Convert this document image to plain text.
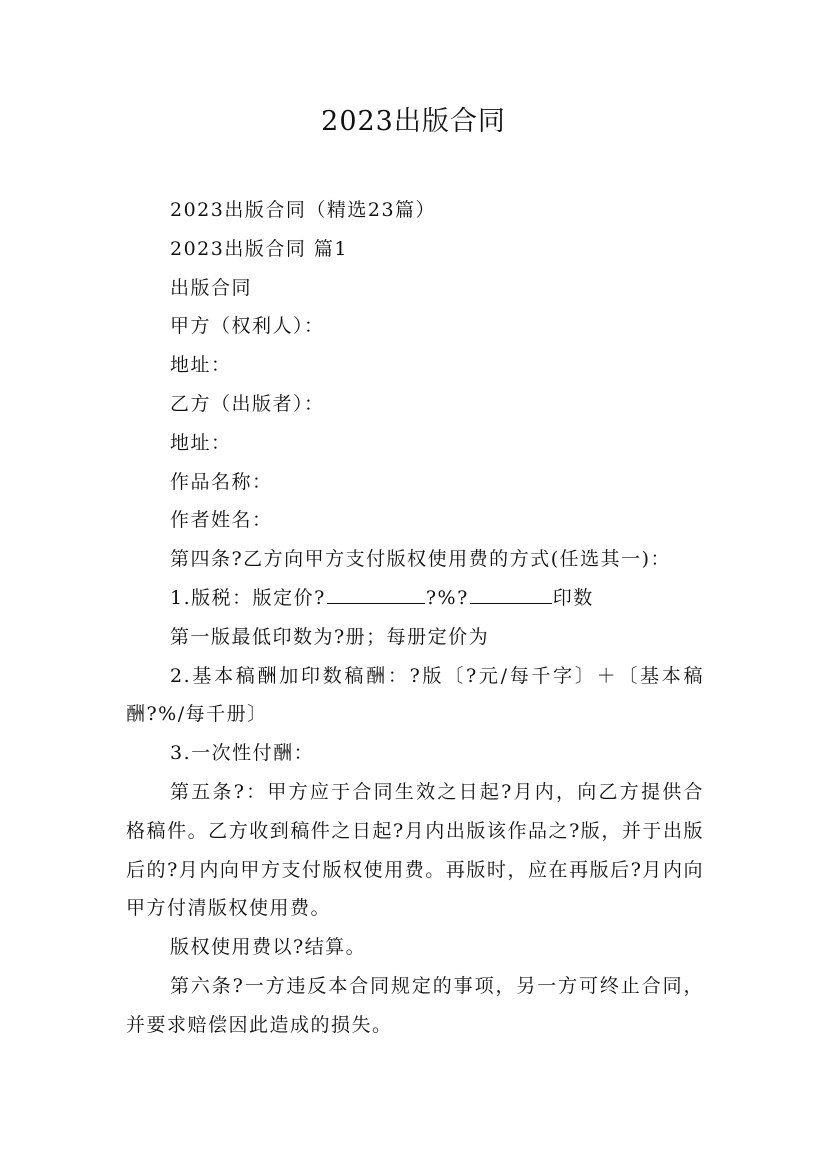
2023出版合同

2023出版合同（精选23篇）

2023出版合同 篇1

出版合同

甲方（权利人）：

地址：

乙方（出版者）：

地址：

作品名称：

作者姓名：

第四条?乙方向甲方支付版权使用费的方式(任选其一)：

1.版税：版定价?	?%?	印数

第一版最低印数为?册；每册定价为

2.基本稿酬加印数稿酬：?版〔?元/每千字〕＋〔基本稿酬?%/每千册〕

3.一次性付酬：

第五条?：甲方应于合同生效之日起?月内，向乙方提供合格稿件。乙方收到稿件之日起?月内出版该作品之?版，并于出版后的?月内向甲方支付版权使用费。再版时，应在再版后?月内向甲方付清版权使用费。

版权使用费以?结算。

第六条?一方违反本合同规定的事项，另一方可终止合同，并要求赔偿因此造成的损失。
